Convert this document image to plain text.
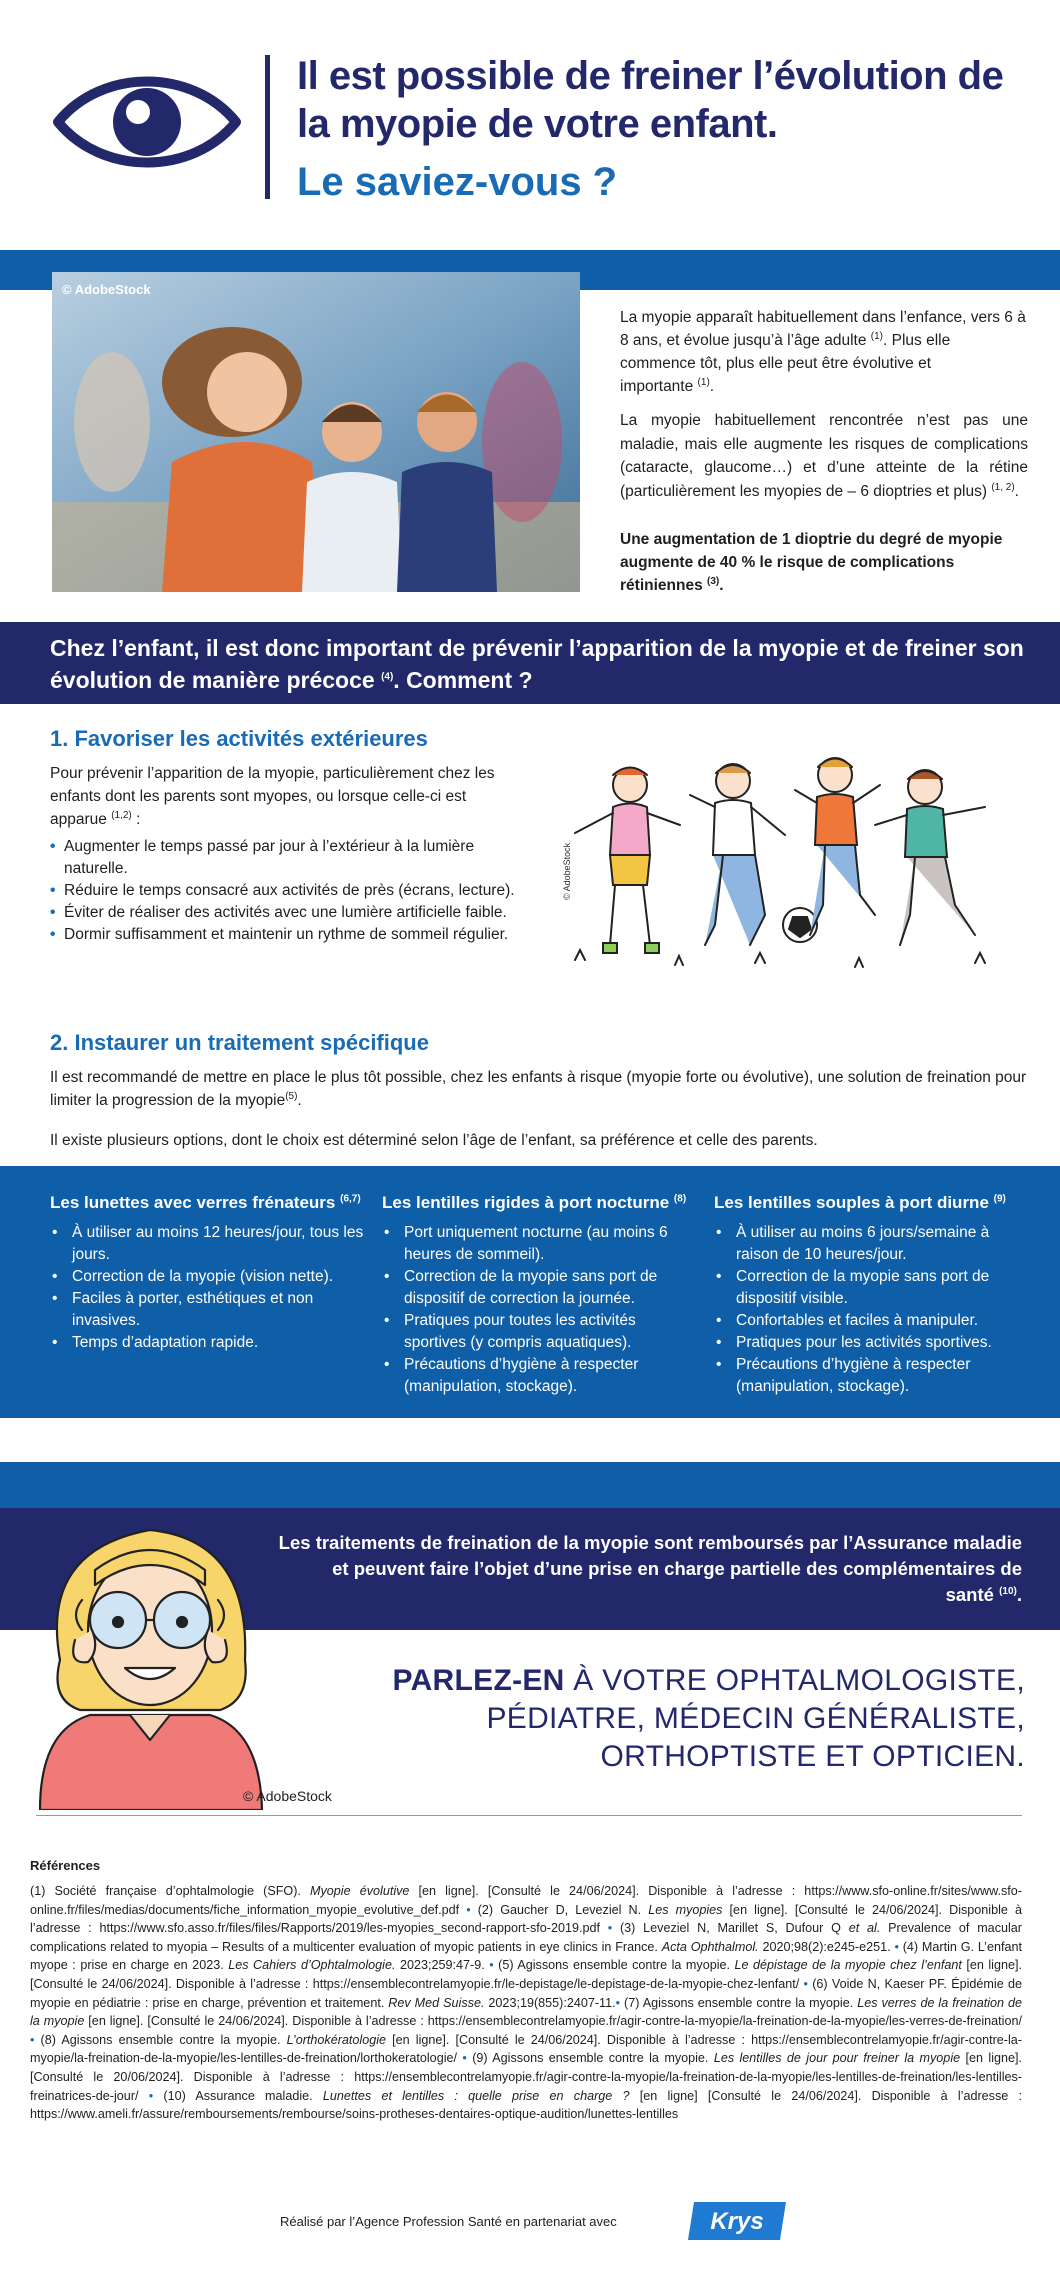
Il est possible de freiner l’évolution de la myopie de votre enfant.
Le saviez-vous ?
© AdobeStock
La myopie apparaît habituellement dans l’enfance, vers 6 à 8 ans, et évolue jusqu’à l’âge adulte $^{(1)}$. Plus elle commence tôt, plus elle peut être évolutive et importante $^{(1)}$.
La myopie habituellement rencontrée n’est pas une maladie, mais elle augmente les risques de complications (cataracte, glaucome…) et d’une atteinte de la rétine (particulièrement les myopies de – 6 dioptries et plus) $^{(1, 2)}$.
Une augmentation de 1 dioptrie du degré de myopie augmente de 40 % le risque de complications rétiniennes $^{(3)}$.
Chez l’enfant, il est donc important de prévenir l’apparition de la myopie et de freiner son évolution de manière précoce $^{(4)}$. Comment ?
1. Favoriser les activités extérieures
Pour prévenir l’apparition de la myopie, particulièrement chez les enfants dont les parents sont myopes, ou lorsque celle-ci est apparue $^{(1,2)}$ :
• Augmenter le temps passé par jour à l’extérieur à la lumière naturelle.
• Réduire le temps consacré aux activités de près (écrans, lecture).
• Éviter de réaliser des activités avec une lumière artificielle faible.
• Dormir suffisamment et maintenir un rythme de sommeil régulier.
© AdobeStock
2. Instaurer un traitement spécifique
Il est recommandé de mettre en place le plus tôt possible, chez les enfants à risque (myopie forte ou évolutive), une solution de freination pour limiter la progression de la myopie$^{(5)}$.
Il existe plusieurs options, dont le choix est déterminé selon l’âge de l’enfant, sa préférence et celle des parents.
Les lunettes avec verres frénateurs $^{(6,7)}$
• À utiliser au moins 12 heures/jour, tous les jours.
• Correction de la myopie (vision nette).
• Faciles à porter, esthétiques et non invasives.
• Temps d’adaptation rapide.
Les lentilles rigides à port nocturne $^{(8)}$
• Port uniquement nocturne (au moins 6 heures de sommeil).
• Correction de la myopie sans port de dispositif de correction la journée.
• Pratiques pour toutes les activités sportives (y compris aquatiques).
• Précautions d’hygiène à respecter (manipulation, stockage).
Les lentilles souples à port diurne $^{(9)}$
• À utiliser au moins 6 jours/semaine à raison de 10 heures/jour.
• Correction de la myopie sans port de dispositif visible.
• Confortables et faciles à manipuler.
• Pratiques pour les activités sportives.
• Précautions d’hygiène à respecter (manipulation, stockage).
Les traitements de freination de la myopie sont remboursés par l’Assurance maladie et peuvent faire l’objet d’une prise en charge partielle des complémentaires de santé $^{(10)}$.
© AdobeStock
PARLEZ-EN À VOTRE OPHTALMOLOGISTE, PÉDIATRE, MÉDECIN GÉNÉRALISTE, ORTHOPTISTE ET OPTICIEN.
Références
(1) Société française d’ophtalmologie (SFO). Myopie évolutive [en ligne]. [Consulté le 24/06/2024]. Disponible à l’adresse : https://www.sfo-online.fr/sites/www.sfo-online.fr/files/medias/documents/fiche_information_myopie_evolutive_def.pdf • (2) Gaucher D, Leveziel N. Les myopies [en ligne]. [Consulté le 24/06/2024]. Disponible à l’adresse : https://www.sfo.asso.fr/files/files/Rapports/2019/les-myopies_second-rapport-sfo-2019.pdf • (3) Leveziel N, Marillet S, Dufour Q et al. Prevalence of macular complications related to myopia – Results of a multicenter evaluation of myopic patients in eye clinics in France. Acta Ophthalmol. 2020;98(2):e245-e251. • (4) Martin G. L’enfant myope : prise en charge en 2023. Les Cahiers d’Ophtalmologie. 2023;259:47-9. • (5) Agissons ensemble contre la myopie. Le dépistage de la myopie chez l’enfant [en ligne]. [Consulté le 24/06/2024]. Disponible à l’adresse : https://ensemblecontrelamyopie.fr/le-depistage/le-depistage-de-la-myopie-chez-lenfant/ • (6) Voide N, Kaeser PF. Épidémie de myopie en pédiatrie : prise en charge, prévention et traitement. Rev Med Suisse. 2023;19(855):2407-11.• (7) Agissons ensemble contre la myopie. Les verres de la freination de la myopie [en ligne]. [Consulté le 24/06/2024]. Disponible à l’adresse : https://ensemblecontrelamyopie.fr/agir-contre-la-myopie/la-freination-de-la-myopie/les-verres-de-freination/ • (8) Agissons ensemble contre la myopie. L’orthokératologie [en ligne]. [Consulté le 24/06/2024]. Disponible à l’adresse : https://ensemblecontrelamyopie.fr/agir-contre-la-myopie/la-freination-de-la-myopie/les-lentilles-de-freination/lorthokeratologie/ • (9) Agissons ensemble contre la myopie. Les lentilles de jour pour freiner la myopie [en ligne]. [Consulté le 20/06/2024]. Disponible à l’adresse : https://ensemblecontrelamyopie.fr/agir-contre-la-myopie/la-freination-de-la-myopie/les-lentilles-de-freination/les-lentilles-freinatrices-de-jour/ • (10) Assurance maladie. Lunettes et lentilles : quelle prise en charge ? [en ligne] [Consulté le 24/06/2024]. Disponible à l’adresse : https://www.ameli.fr/assure/remboursements/rembourse/soins-protheses-dentaires-optique-audition/lunettes-lentilles
Réalisé par l’Agence Profession Santé en partenariat avec	Krys
